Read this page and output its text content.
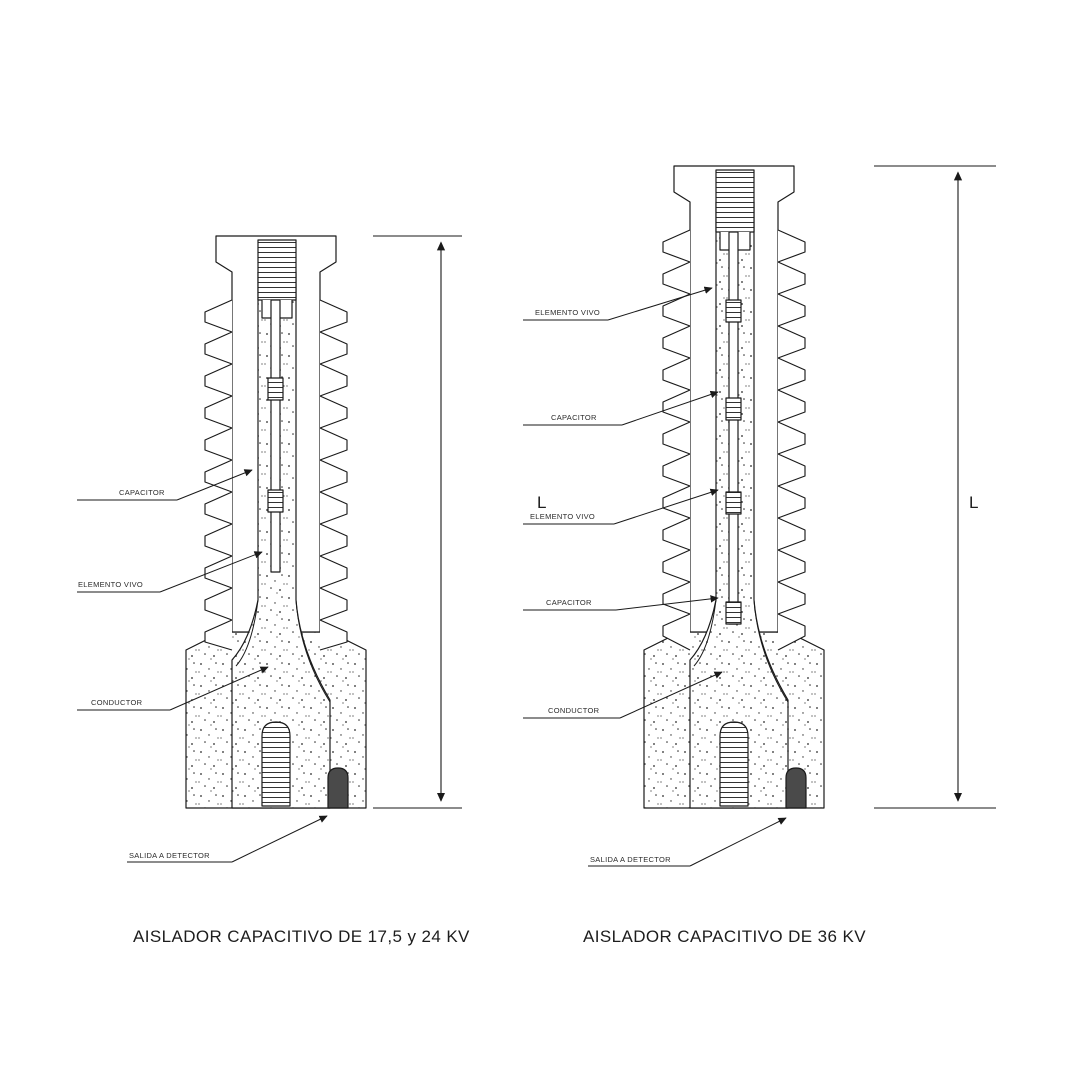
L	L
CAPACITOR
ELEMENTO VIVO
CONDUCTOR
SALIDA A DETECTOR
ELEMENTO VIVO
CAPACITOR
ELEMENTO VIVO
CAPACITOR
CONDUCTOR
SALIDA A DETECTOR
AISLADOR CAPACITIVO DE 17,5 y 24 KV	AISLADOR CAPACITIVO DE 36 KV
